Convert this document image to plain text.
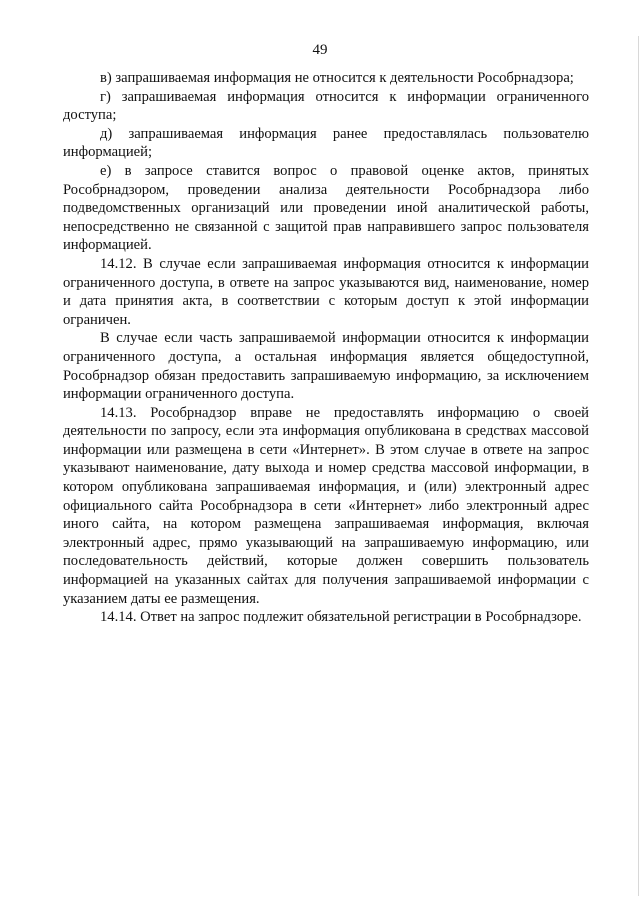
49

в) запрашиваемая информация не относится к деятельности Рособрнадзора;

г) запрашиваемая информация относится к информации ограниченного доступа;

д) запрашиваемая информация ранее предоставлялась пользователю информацией;

е) в запросе ставится вопрос о правовой оценке актов, принятых Рособрнадзором, проведении анализа деятельности Рособрнадзора либо подведомственных организаций или проведении иной аналитической работы, непосредственно не связанной с защитой прав направившего запрос пользователя информацией.

14.12. В случае если запрашиваемая информация относится к информации ограниченного доступа, в ответе на запрос указываются вид, наименование, номер и дата принятия акта, в соответствии с которым доступ к этой информации ограничен.

В случае если часть запрашиваемой информации относится к информации ограниченного доступа, а остальная информация является общедоступной, Рособрнадзор обязан предоставить запрашиваемую информацию, за исключением информации ограниченного доступа.

14.13. Рособрнадзор вправе не предоставлять информацию о своей деятельности по запросу, если эта информация опубликована в средствах массовой информации или размещена в сети «Интернет». В этом случае в ответе на запрос указывают наименование, дату выхода и номер средства массовой информации, в котором опубликована запрашиваемая информация, и (или) электронный адрес официального сайта Рособрнадзора в сети «Интернет» либо электронный адрес иного сайта, на котором размещена запрашиваемая информация, включая электронный адрес, прямо указывающий на запрашиваемую информацию, или последовательность действий, которые должен совершить пользователь информацией на указанных сайтах для получения запрашиваемой информации с указанием даты ее размещения.

14.14. Ответ на запрос подлежит обязательной регистрации в Рособрнадзоре.
